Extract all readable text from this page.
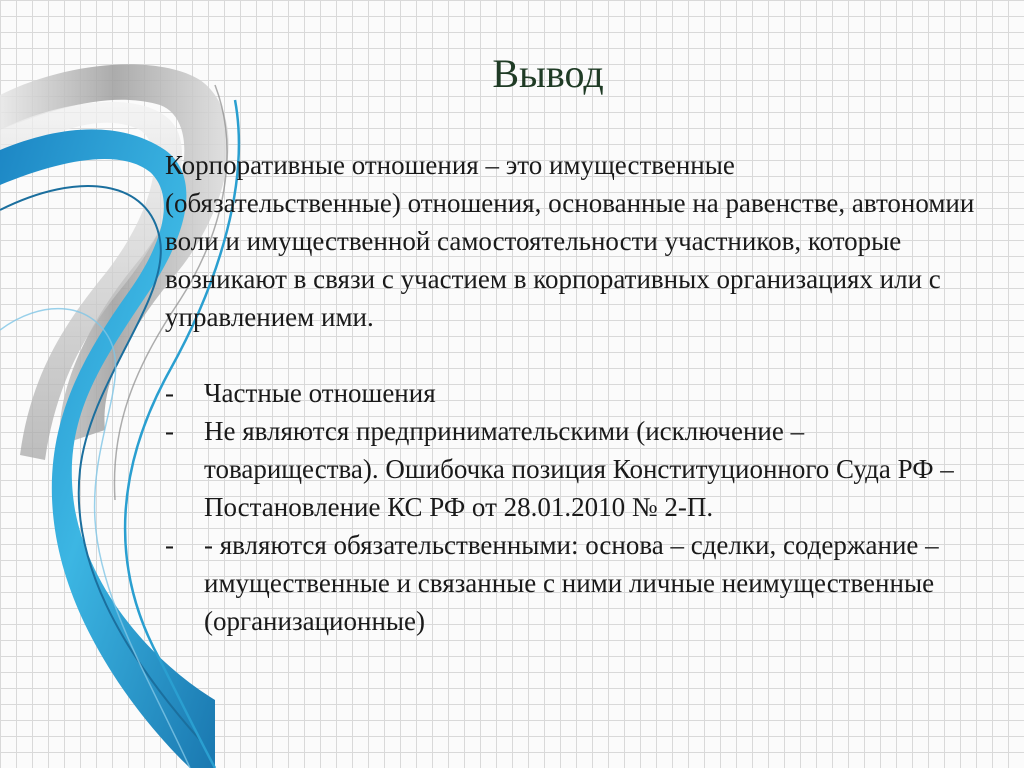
Вывод

Корпоративные отношения – это имущественные (обязательственные) отношения, основанные на равенстве, автономии воли и имущественной самостоятельности участников, которые возникают в связи с участием в корпоративных организациях или с управлением ими.

- Частные отношения
- Не являются предпринимательскими (исключение – товарищества). Ошибочка позиция Конституционного Суда РФ – Постановление КС РФ от 28.01.2010 № 2-П.
- - являются обязательственными: основа – сделки, содержание – имущественные и связанные с ними личные неимущественные (организационные)
